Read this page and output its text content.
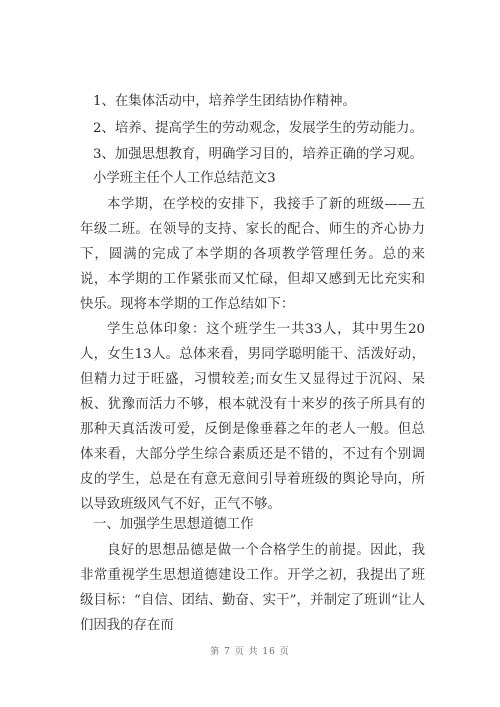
1、在集体活动中，培养学生团结协作精神。
2、培养、提高学生的劳动观念，发展学生的劳动能力。
3、加强思想教育，明确学习目的，培养正确的学习观。
小学班主任个人工作总结范文3

本学期，在学校的安排下，我接手了新的班级——五年级二班。在领导的支持、家长的配合、师生的齐心协力下，圆满的完成了本学期的各项教学管理任务。总的来说，本学期的工作紧张而又忙碌，但却又感到无比充实和快乐。现将本学期的工作总结如下：

学生总体印象：这个班学生一共33人，其中男生20人，女生13人。总体来看，男同学聪明能干、活泼好动，但精力过于旺盛，习惯较差;而女生又显得过于沉闷、呆板、犹豫而活力不够，根本就没有十来岁的孩子所具有的那种天真活泼可爱，反倒是像垂暮之年的老人一般。但总体来看，大部分学生综合素质还是不错的，不过有个别调皮的学生，总是在有意无意间引导着班级的舆论导向，所以导致班级风气不好，正气不够。

一、加强学生思想道德工作

良好的思想品德是做一个合格学生的前提。因此，我非常重视学生思想道德建设工作。开学之初，我提出了班级目标：“自信、团结、勤奋、实干”，并制定了班训“让人们因我的存在而

第 7 页 共 16 页
